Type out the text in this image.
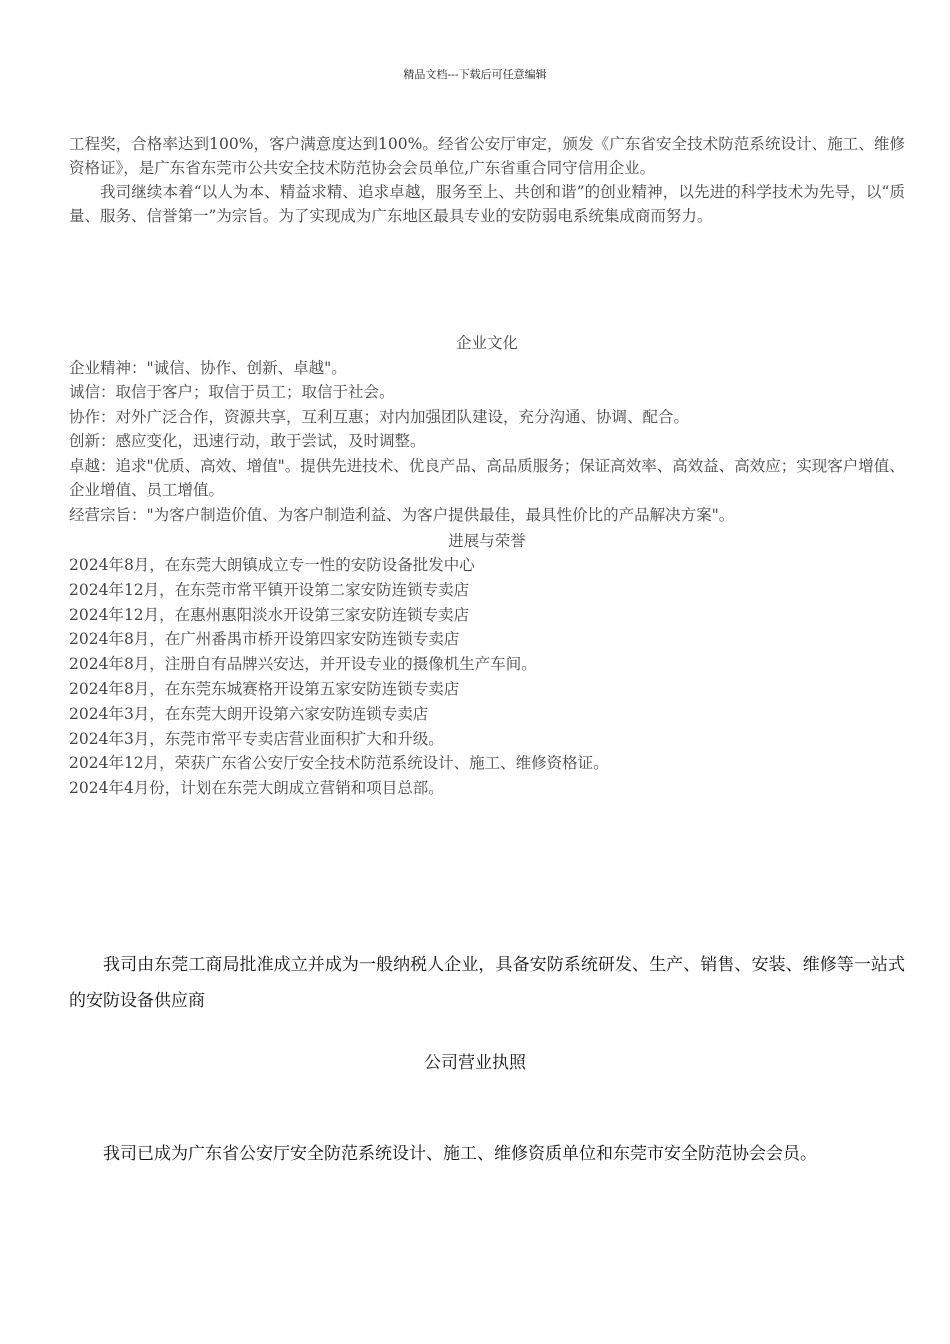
精品文档---下载后可任意编辑

工程奖，合格率达到100%，客户满意度达到100%。经省公安厅审定，颁发《广东省安全技术防范系统设计、施工、维修资格证》，是广东省东莞市公共安全技术防范协会会员单位,广东省重合同守信用企业。

我司继续本着“以人为本、精益求精、追求卓越，服务至上、共创和谐”的创业精神，以先进的科学技术为先导，以“质量、服务、信誉第一”为宗旨。为了实现成为广东地区最具专业的安防弱电系统集成商而努力。

企业文化

企业精神："诚信、协作、创新、卓越"。

诚信：取信于客户；取信于员工；取信于社会。

协作：对外广泛合作，资源共享，互利互惠；对内加强团队建设，充分沟通、协调、配合。

创新：感应变化，迅速行动，敢于尝试，及时调整。

卓越：追求"优质、高效、增值"。提供先进技术、优良产品、高品质服务；保证高效率、高效益、高效应；实现客户增值、企业增值、员工增值。

经营宗旨："为客户制造价值、为客户制造利益、为客户提供最佳，最具性价比的产品解决方案"。

进展与荣誉

2024年8月，在东莞大朗镇成立专一性的安防设备批发中心

2024年12月，在东莞市常平镇开设第二家安防连锁专卖店

2024年12月，在惠州惠阳淡水开设第三家安防连锁专卖店

2024年8月，在广州番禺市桥开设第四家安防连锁专卖店

2024年8月，注册自有品牌兴安达，并开设专业的摄像机生产车间。

2024年8月，在东莞东城赛格开设第五家安防连锁专卖店

2024年3月，在东莞大朗开设第六家安防连锁专卖店

2024年3月，东莞市常平专卖店营业面积扩大和升级。

2024年12月，荣获广东省公安厅安全技术防范系统设计、施工、维修资格证。

2024年4月份，计划在东莞大朗成立营销和项目总部。

我司由东莞工商局批准成立并成为一般纳税人企业，具备安防系统研发、生产、销售、安装、维修等一站式的安防设备供应商

公司营业执照

我司已成为广东省公安厅安全防范系统设计、施工、维修资质单位和东莞市安全防范协会会员。
